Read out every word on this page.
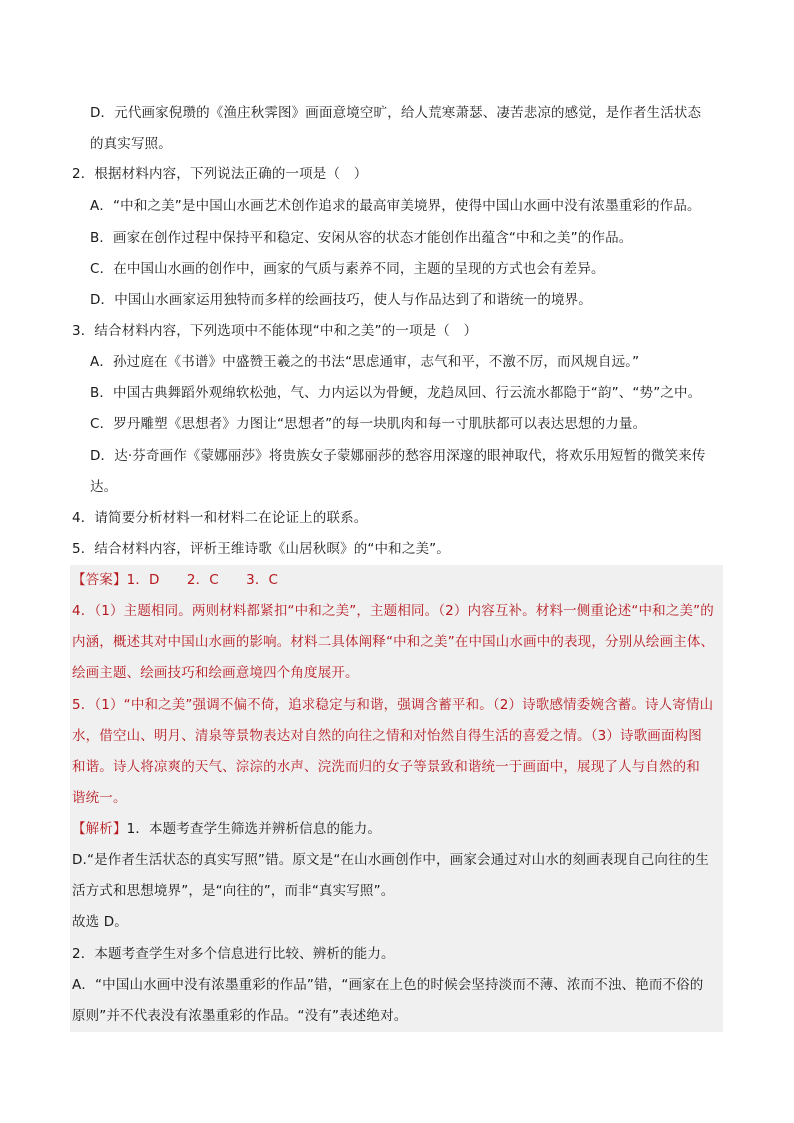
D．元代画家倪瓒的《渔庄秋霁图》画面意境空旷，给人荒寒萧瑟、凄苦悲凉的感觉，是作者生活状态
的真实写照。
2．根据材料内容，下列说法正确的一项是（　）
A．“中和之美”是中国山水画艺术创作追求的最高审美境界，使得中国山水画中没有浓墨重彩的作品。
B．画家在创作过程中保持平和稳定、安闲从容的状态才能创作出蕴含“中和之美”的作品。
C．在中国山水画的创作中，画家的气质与素养不同，主题的呈现的方式也会有差异。
D．中国山水画家运用独特而多样的绘画技巧，使人与作品达到了和谐统一的境界。
3．结合材料内容，下列选项中不能体现“中和之美”的一项是（　）
A．孙过庭在《书谱》中盛赞王羲之的书法“思虑通审，志气和平，不激不厉，而风规自远。”
B．中国古典舞蹈外观绵软松弛，气、力内运以为骨鲠，龙趋凤回、行云流水都隐于“韵”、“势”之中。
C．罗丹雕塑《思想者》力图让“思想者”的每一块肌肉和每一寸肌肤都可以表达思想的力量。
D．达·芬奇画作《蒙娜丽莎》将贵族女子蒙娜丽莎的愁容用深邃的眼神取代，将欢乐用短暂的微笑来传
达。
4．请简要分析材料一和材料二在论证上的联系。
5．结合材料内容，评析王维诗歌《山居秋暝》的“中和之美”。
【答案】1．D　　2．C　　3．C
4．（1）主题相同。两则材料都紧扣“中和之美”，主题相同。（2）内容互补。材料一侧重论述“中和之美”的
内涵，概述其对中国山水画的影响。材料二具体阐释“中和之美”在中国山水画中的表现，分别从绘画主体、
绘画主题、绘画技巧和绘画意境四个角度展开。
5．（1）“中和之美”强调不偏不倚，追求稳定与和谐，强调含蓄平和。（2）诗歌感情委婉含蓄。诗人寄情山
水，借空山、明月、清泉等景物表达对自然的向往之情和对怡然自得生活的喜爱之情。（3）诗歌画面构图
和谐。诗人将凉爽的天气、淙淙的水声、浣洗而归的女子等景致和谐统一于画面中，展现了人与自然的和
谐统一。
【解析】1．本题考查学生筛选并辨析信息的能力。
D.“是作者生活状态的真实写照”错。原文是“在山水画创作中，画家会通过对山水的刻画表现自己向往的生
活方式和思想境界”，是“向往的”，而非“真实写照”。
故选 D。
2．本题考查学生对多个信息进行比较、辨析的能力。
A．“中国山水画中没有浓墨重彩的作品”错，“画家在上色的时候会坚持淡而不薄、浓而不浊、艳而不俗的
原则”并不代表没有浓墨重彩的作品。“没有”表述绝对。
